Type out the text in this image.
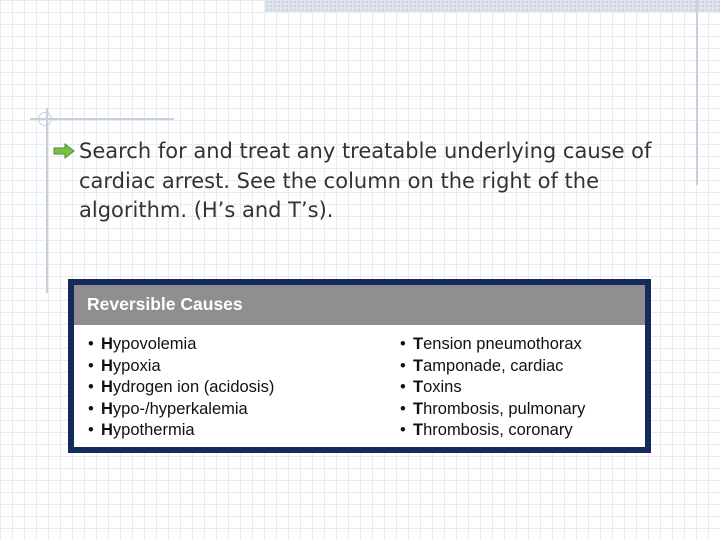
Search for and treat any treatable underlying cause of cardiac arrest. See the column on the right of the algorithm. (H’s and T’s).

Reversible Causes
• Hypovolemia
• Hypoxia
• Hydrogen ion (acidosis)
• Hypo-/hyperkalemia
• Hypothermia
• Tension pneumothorax
• Tamponade, cardiac
• Toxins
• Thrombosis, pulmonary
• Thrombosis, coronary
